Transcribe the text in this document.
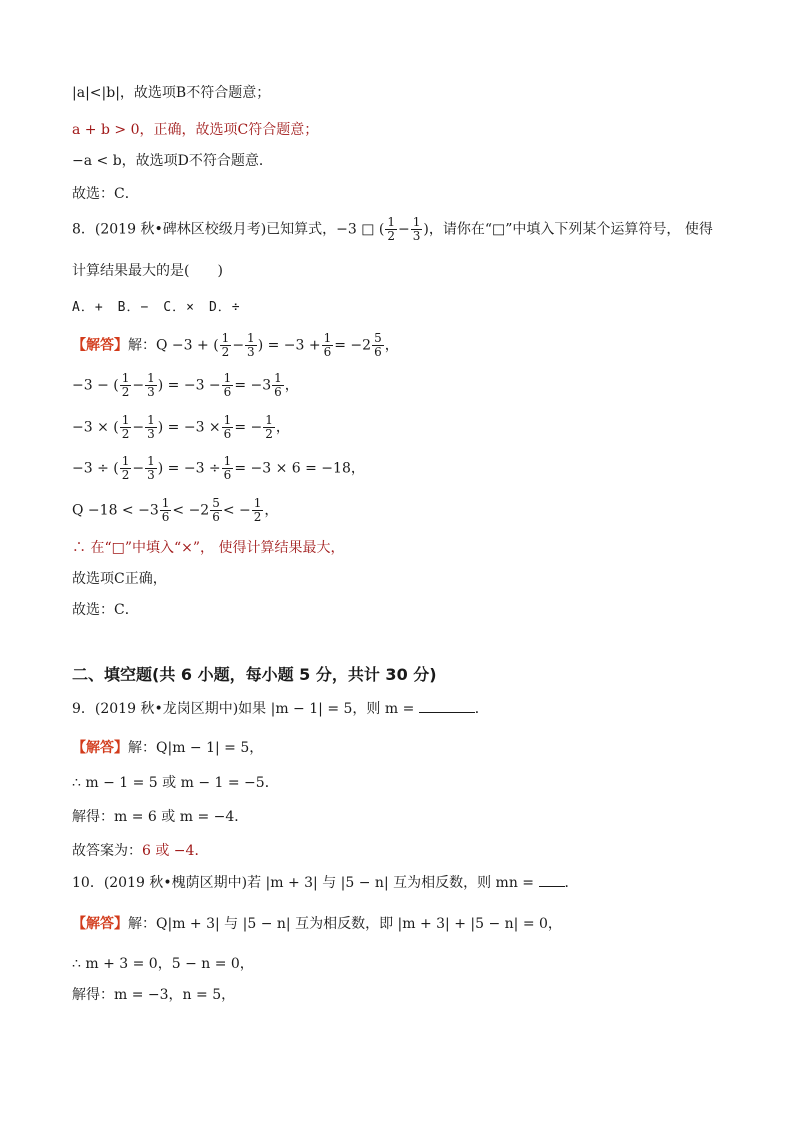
|a|<|b|，故选项B不符合题意；
a + b > 0，正确，故选项C符合题意；
−a < b，故选项D不符合题意．
故选：C．
8．(2019 秋•碑林区校级月考)已知算式，−3 □ ( $\frac{1}{2} - \frac{1}{3}$ )，请你在“□”中填入下列某个运算符号， 使得
计算结果最大的是(　　)
A．+　B．−　C．×　D．÷
【解答】解：Q −3 + ( $\frac{1}{2} - \frac{1}{3}$ ) = $-3 + \frac{1}{6} = -2 \frac{5}{6}$ ，
−3 − ( $\frac{1}{2} - \frac{1}{3}$ ) = $-3 - \frac{1}{6} = -3 \frac{1}{6}$ ，
−3 × ( $\frac{1}{2} - \frac{1}{3}$ ) = $-3 \times \frac{1}{6}$ = − $\frac{1}{2}$ ，
−3 ÷ ( $\frac{1}{2} - \frac{1}{3}$ ) = $-3 \div \frac{1}{6} = -3 \times 6 = -18$，
$Q -18 < -3 \frac{1}{6} < -2 \frac{5}{6}$ < − $\frac{1}{2}$ ，
∴ 在“□”中填入“×”， 使得计算结果最大，
故选项C正确，
故选：C．
二、填空题(共 6 小题，每小题 5 分，共计 30 分)
9．(2019 秋•龙岗区期中)如果 |m − 1| = 5，则 m =	．
【解答】解：Q|m − 1| = 5，
∴ m − 1 = 5 或 m − 1 = −5．
解得：m = 6 或 m = −4．
故答案为：6 或 −4．
10．(2019 秋•槐荫区期中)若 |m + 3| 与 |5 − n| 互为相反数，则 mn = ．
【解答】解：Q|m + 3| 与 |5 − n| 互为相反数，即 |m + 3| + |5 − n| = 0，
∴ m + 3 = 0，5 − n = 0，
解得：m = −3，n = 5，
